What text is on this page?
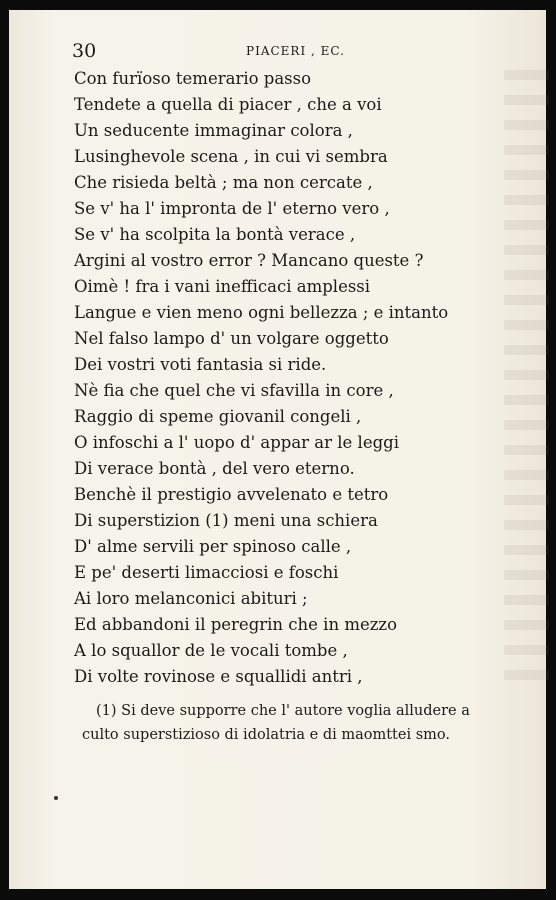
30	PIACERI , EC.
Con furïoso temerario passo
Tendete a quella di piacer , che a voi
Un seducente immaginar colora ,
Lusinghevole scena , in cui vi sembra
Che risieda beltà ; ma non cercate ,
Se v' ha l' impronta de l' eterno vero ,
Se v' ha scolpita la bontà verace ,
Argini al vostro error ? Mancano queste ?
Oimè ! fra i vani inefficaci amplessi
Langue e vien meno ogni bellezza ; e intanto
Nel falso lampo d' un volgare oggetto
Dei vostri voti fantasia si ride.
Nè fia che quel che vi sfavilla in core ,
Raggio di speme giovanil congeli ,
O infoschi a l' uopo d' appar ar le leggi
Di verace bontà , del vero eterno.
Benchè il prestigio avvelenato e tetro
Di superstizion (1) meni una schiera
D' alme servili per spinoso calle ,
E pe' deserti limacciosi e foschi
Ai loro melanconici abituri ;
Ed abbandoni il peregrin che in mezzo
A lo squallor de le vocali tombe ,
Di volte rovinose e squallidi antri ,
(1) Si deve supporre che l' autore voglia alludere a
culto superstizioso di idolatria e di maomttei smo.
